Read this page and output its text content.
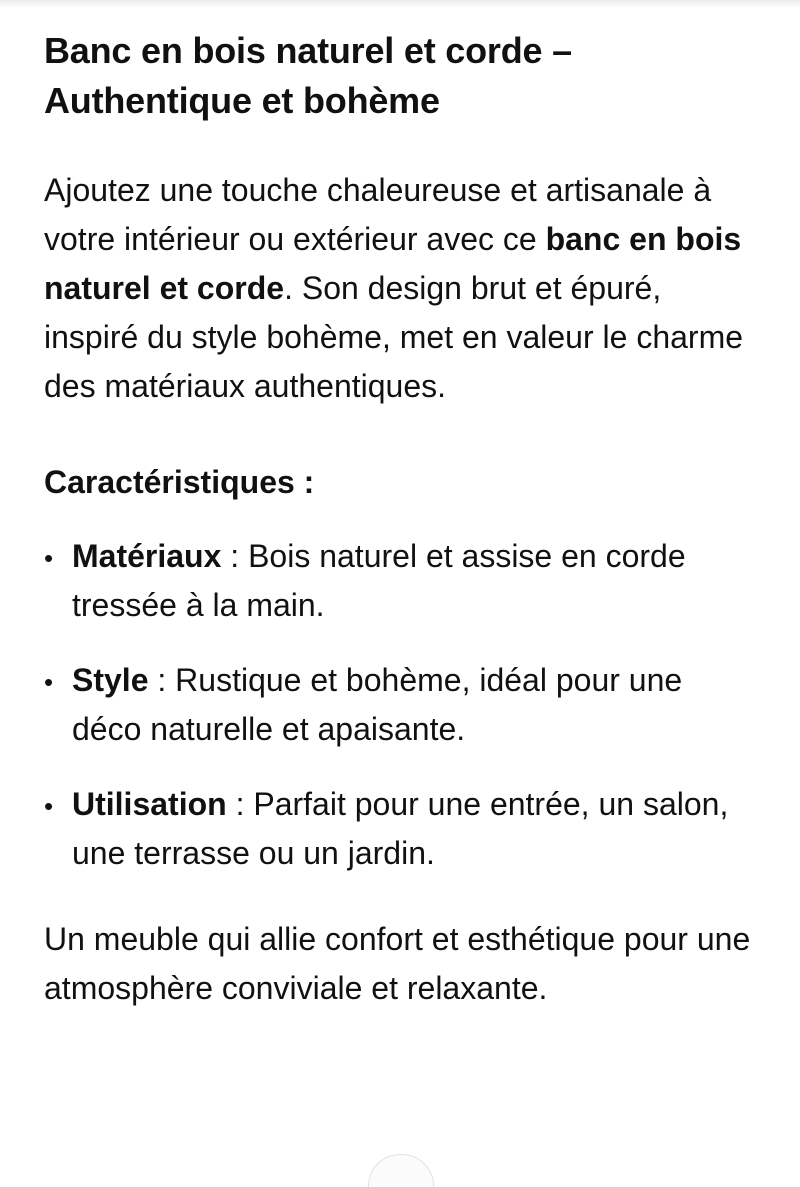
Banc en bois naturel et corde – Authentique et bohème

Ajoutez une touche chaleureuse et artisanale à votre intérieur ou extérieur avec ce banc en bois naturel et corde. Son design brut et épuré, inspiré du style bohème, met en valeur le charme des matériaux authentiques.

Caractéristiques :
• Matériaux : Bois naturel et assise en corde tressée à la main.
• Style : Rustique et bohème, idéal pour une déco naturelle et apaisante.
• Utilisation : Parfait pour une entrée, un salon, une terrasse ou un jardin.

Un meuble qui allie confort et esthétique pour une atmosphère conviviale et relaxante.
